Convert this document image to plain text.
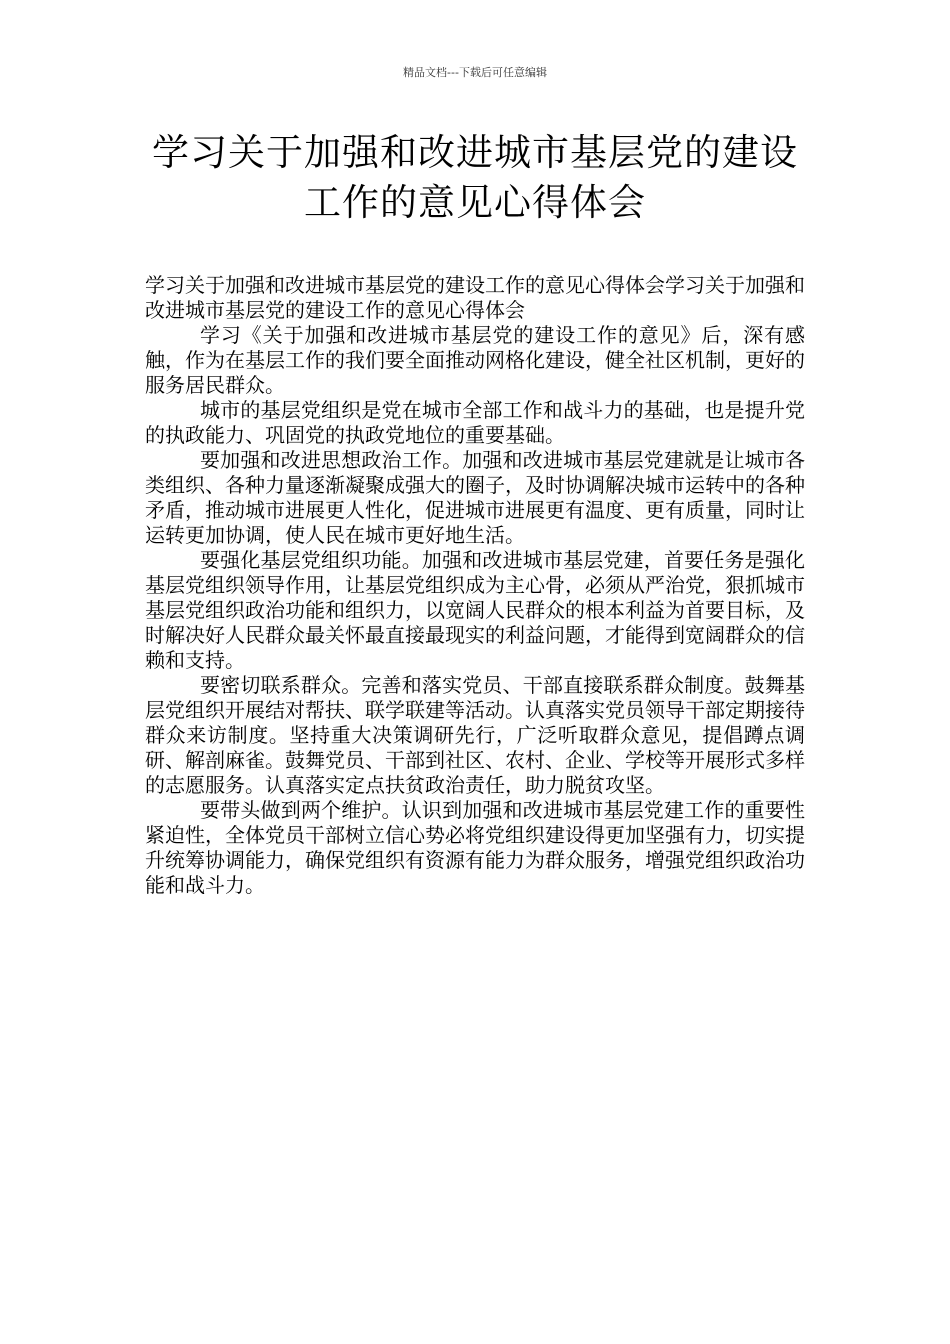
精品文档---下载后可任意编辑
学习关于加强和改进城市基层党的建设
工作的意见心得体会

学习关于加强和改进城市基层党的建设工作的意见心得体会学习关于加强和改进城市基层党的建设工作的意见心得体会

学习《关于加强和改进城市基层党的建设工作的意见》后，深有感触，作为在基层工作的我们要全面推动网格化建设，健全社区机制，更好的服务居民群众。

城市的基层党组织是党在城市全部工作和战斗力的基础，也是提升党的执政能力、巩固党的执政党地位的重要基础。

要加强和改进思想政治工作。加强和改进城市基层党建就是让城市各类组织、各种力量逐渐凝聚成强大的圈子，及时协调解决城市运转中的各种矛盾，推动城市进展更人性化，促进城市进展更有温度、更有质量，同时让运转更加协调，使人民在城市更好地生活。

要强化基层党组织功能。加强和改进城市基层党建，首要任务是强化基层党组织领导作用，让基层党组织成为主心骨，必须从严治党，狠抓城市基层党组织政治功能和组织力，以宽阔人民群众的根本利益为首要目标，及时解决好人民群众最关怀最直接最现实的利益问题，才能得到宽阔群众的信赖和支持。

要密切联系群众。完善和落实党员、干部直接联系群众制度。鼓舞基层党组织开展结对帮扶、联学联建等活动。认真落实党员领导干部定期接待群众来访制度。坚持重大决策调研先行，广泛听取群众意见，提倡蹲点调研、解剖麻雀。鼓舞党员、干部到社区、农村、企业、学校等开展形式多样的志愿服务。认真落实定点扶贫政治责任，助力脱贫攻坚。

要带头做到两个维护。认识到加强和改进城市基层党建工作的重要性紧迫性，全体党员干部树立信心势必将党组织建设得更加坚强有力，切实提升统筹协调能力，确保党组织有资源有能力为群众服务，增强党组织政治功能和战斗力。
